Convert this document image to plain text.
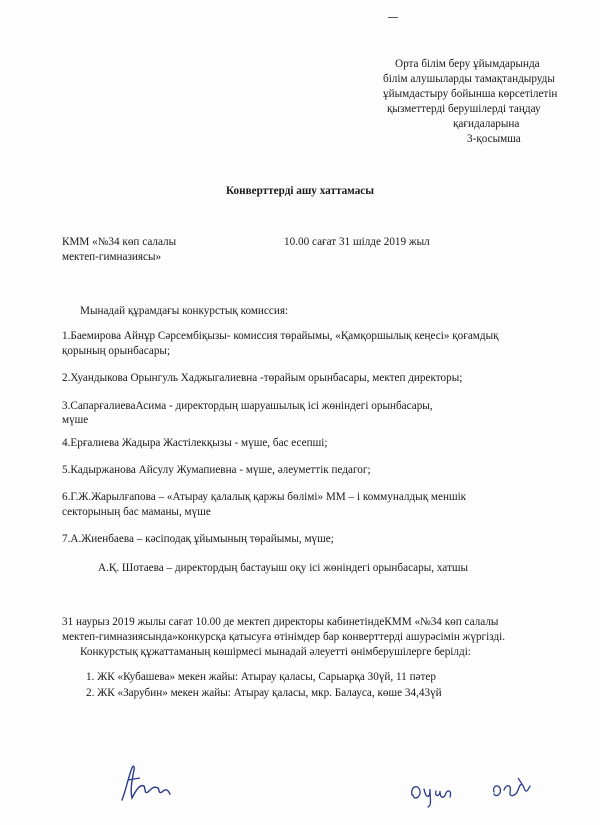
Орта білім беру ұйымдарында
білім алушыларды тамақтандыруды
ұйымдастыру бойынша көрсетілетін
қызметтерді берушілерді таңдау
қағидаларына
3-қосымша
Конверттерді ашу хаттамасы
КММ «№34 көп салалы
мектеп-гимназиясы»
10.00 сағат 31 шілде 2019 жыл
Мынадай құрамдағы конкурстық комиссия:
1.Баемирова Айнұр Сәрсембіқызы- комиссия төрайымы, «Қамқоршылық кеңесі» қоғамдық
қорының орынбасары;
2.Хуандыкова Орынгуль Хаджыгалиевна -төрайым орынбасары, мектеп директоры;
3.СапарғалиеваАсима - директордың шаруашылық ісі жөніндегі орынбасары,
мүше
4.Ерғалиева Жадыра Жастілекқызы - мүше, бас есепші;
5.Кадыржанова Айсулу Жумапиевна - мүше, әлеуметтік педагог;
6.Г.Ж.Жарылғапова – «Атырау қалалық қаржы бөлімі» ММ – і коммуналдық меншік
секторының бас маманы, мүше
7.А.Жиенбаева – кәсіподақ ұйымының төрайымы, мүше;
А.Қ. Шотаева – директордың бастауыш оқу ісі жөніндегі орынбасары, хатшы
31 наурыз 2019 жылы сағат 10.00 де мектеп директоры кабинетіндеКММ «№34 көп салалы
мектеп-гимназиясында»конкурсқа қатысуға өтінімдер бар конверттерді ашурәсімін жүргізді.
Конкурстық құжаттаманың көшірмесі мынадай әлеуетті өнімберушілерге берілді:
1. ЖК «Кубашева» мекен жайы: Атырау қаласы, Сарыарқа 30үй, 11 пәтер
2. ЖК «Зарубин» мекен жайы: Атырау қаласы, мкр. Балауса, көше 34,43үй
